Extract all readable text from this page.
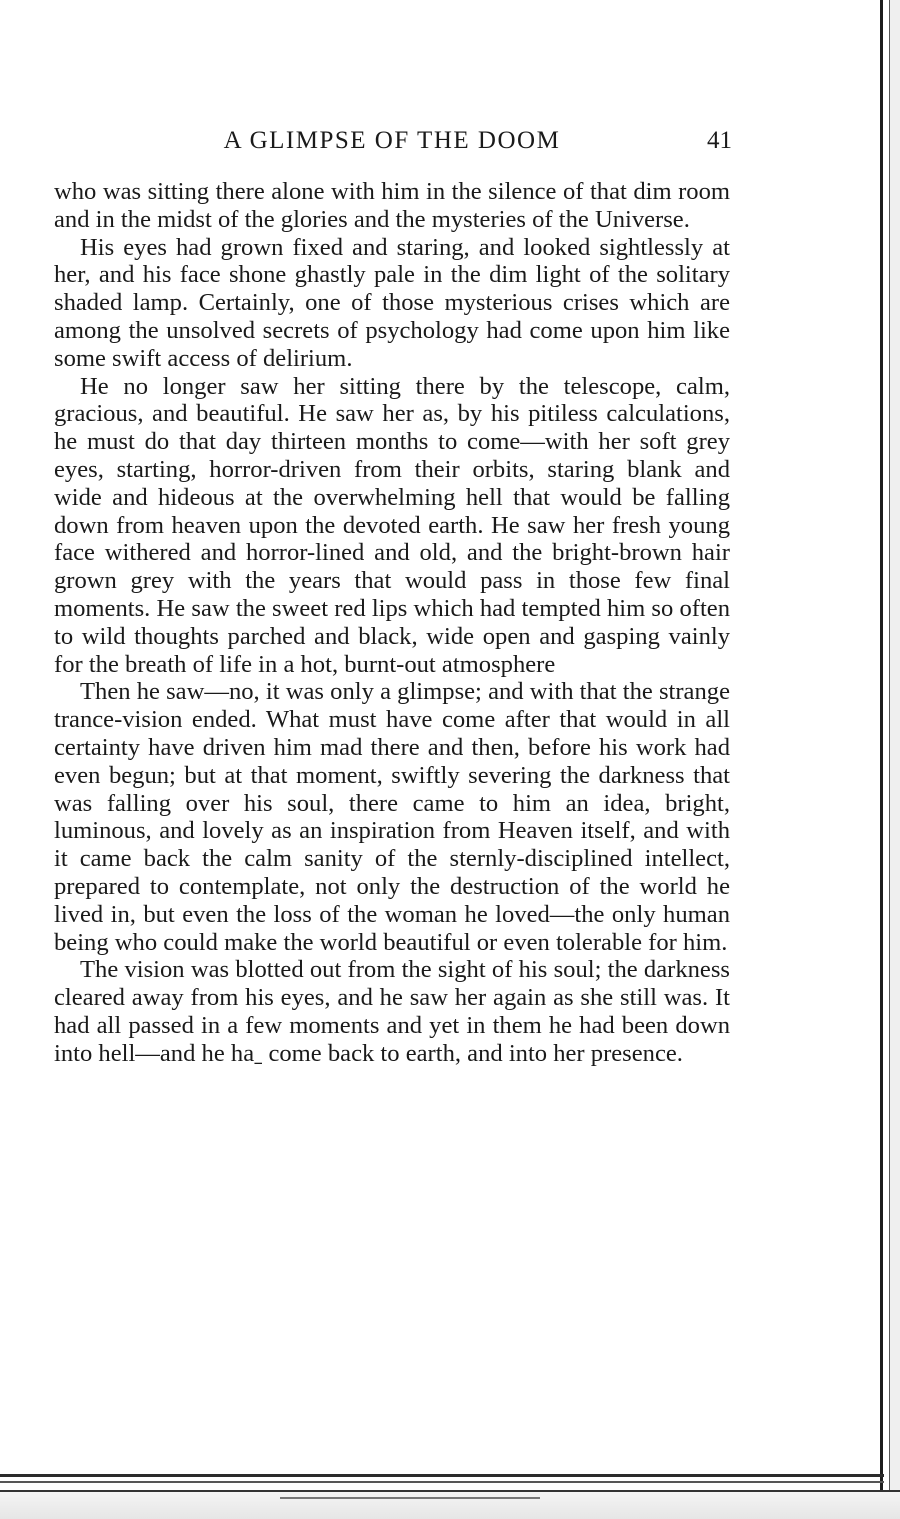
A GLIMPSE OF THE DOOM	41

who was sitting there alone with him in the silence of that dim room and in the midst of the glories and the mysteries of the Universe.

His eyes had grown fixed and staring, and looked sightlessly at her, and his face shone ghastly pale in the dim light of the solitary shaded lamp. Certainly, one of those mysterious crises which are among the unsolved secrets of psychology had come upon him like some swift access of delirium.

He no longer saw her sitting there by the telescope, calm, gracious, and beautiful. He saw her as, by his pitiless calculations, he must do that day thirteen months to come—with her soft grey eyes, starting, horror-driven from their orbits, staring blank and wide and hideous at the overwhelming hell that would be falling down from heaven upon the devoted earth. He saw her fresh young face withered and horror-lined and old, and the bright-brown hair grown grey with the years that would pass in those few final moments. He saw the sweet red lips which had tempted him so often to wild thoughts parched and black, wide open and gasping vainly for the breath of life in a hot, burnt-out atmosphere

Then he saw—no, it was only a glimpse; and with that the strange trance-vision ended. What must have come after that would in all certainty have driven him mad there and then, before his work had even begun; but at that moment, swiftly severing the darkness that was falling over his soul, there came to him an idea, bright, luminous, and lovely as an inspiration from Heaven itself, and with it came back the calm sanity of the sternly-disciplined intellect, prepared to contemplate, not only the destruction of the world he lived in, but even the loss of the woman he loved—the only human being who could make the world beautiful or even tolerable for him.

The vision was blotted out from the sight of his soul; the darkness cleared away from his eyes, and he saw her again as she still was. It had all passed in a few moments and yet in them he had been down into hell—and he haˍ come back to earth, and into her presence.
